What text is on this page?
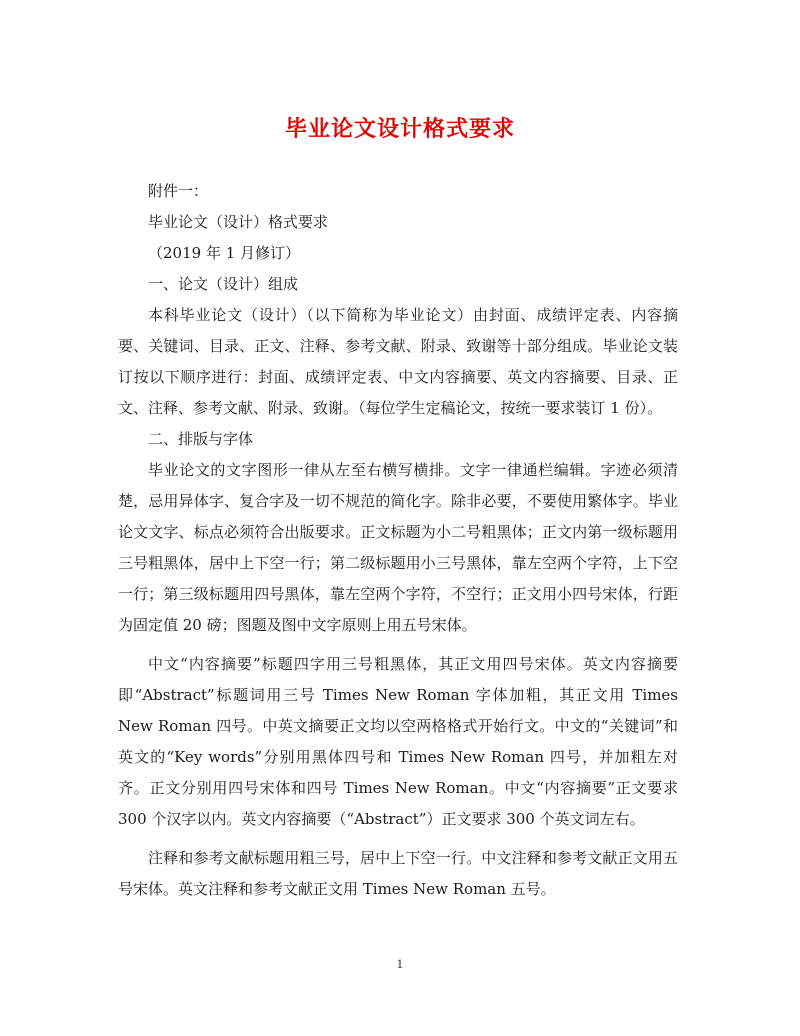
毕业论文设计格式要求

附件一：

毕业论文（设计）格式要求

（2019 年 1 月修订）

一、论文（设计）组成

本科毕业论文（设计）（以下简称为毕业论文）由封面、成绩评定表、内容摘要、关键词、目录、正文、注释、参考文献、附录、致谢等十部分组成。毕业论文装订按以下顺序进行：封面、成绩评定表、中文内容摘要、英文内容摘要、目录、正文、注释、参考文献、附录、致谢。（每位学生定稿论文，按统一要求装订 1 份）。

二、排版与字体

毕业论文的文字图形一律从左至右横写横排。文字一律通栏编辑。字迹必须清楚，忌用异体字、复合字及一切不规范的简化字。除非必要，不要使用繁体字。毕业论文文字、标点必须符合出版要求。正文标题为小二号粗黑体；正文内第一级标题用三号粗黑体，居中上下空一行；第二级标题用小三号黑体，靠左空两个字符，上下空一行；第三级标题用四号黑体，靠左空两个字符，不空行；正文用小四号宋体，行距为固定值 20 磅；图题及图中文字原则上用五号宋体。

中文“内容摘要”标题四字用三号粗黑体，其正文用四号宋体。英文内容摘要即“Abstract”标题词用三号 Times New Roman 字体加粗，其正文用 Times New Roman 四号。中英文摘要正文均以空两格格式开始行文。中文的“关键词”和英文的“Key words”分别用黑体四号和 Times New Roman 四号，并加粗左对齐。正文分别用四号宋体和四号 Times New Roman。中文“内容摘要”正文要求 300 个汉字以内。英文内容摘要（“Abstract”）正文要求 300 个英文词左右。

注释和参考文献标题用粗三号，居中上下空一行。中文注释和参考文献正文用五号宋体。英文注释和参考文献正文用 Times New Roman 五号。

1
